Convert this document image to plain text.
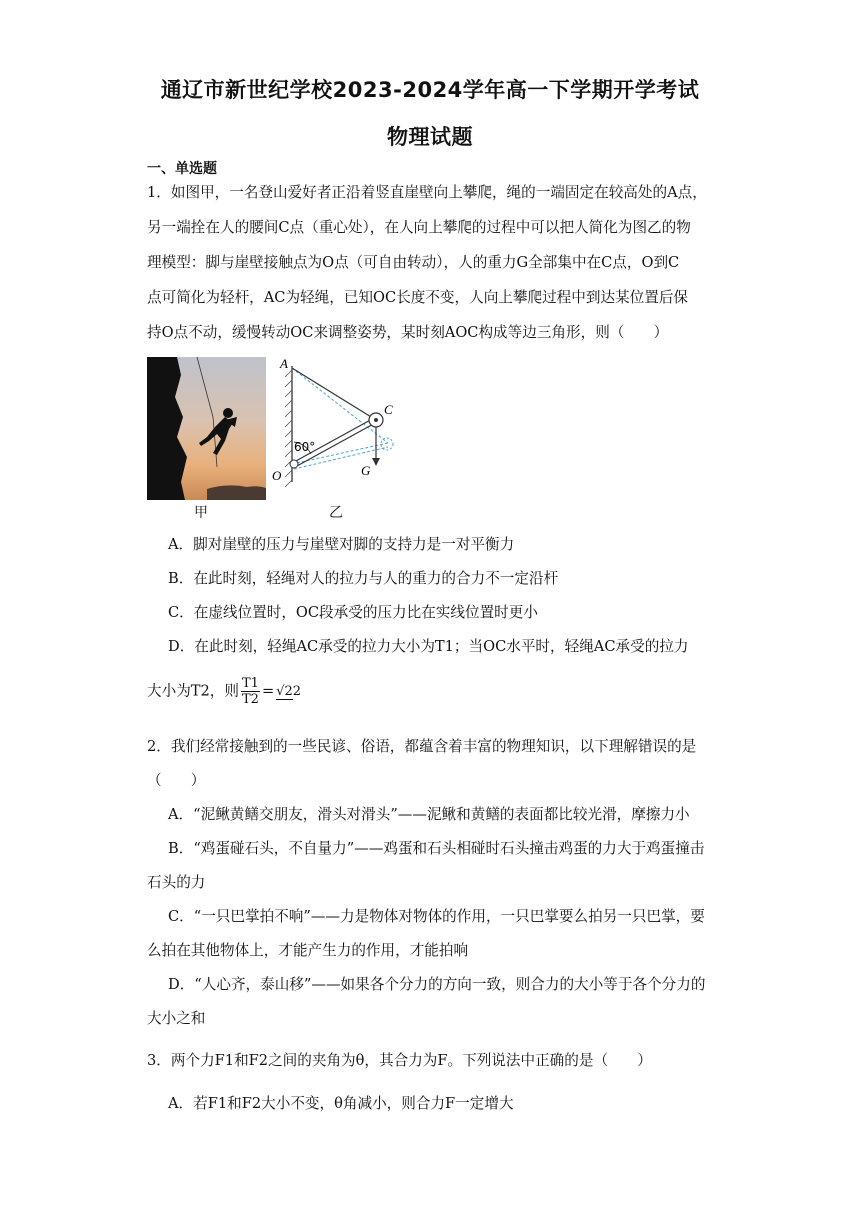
通辽市新世纪学校2023-2024学年高一下学期开学考试
物理试题
一、单选题
1．如图甲，一名登山爱好者正沿着竖直崖壁向上攀爬，绳的一端固定在较高处的A点，
另一端拴在人的腰间C点（重心处），在人向上攀爬的过程中可以把人简化为图乙的物
理模型：脚与崖壁接触点为O点（可自由转动），人的重力G全部集中在C点，O到C
点可简化为轻杆，AC为轻绳，已知OC长度不变，人向上攀爬过程中到达某位置后保
持O点不动，缓慢转动OC来调整姿势，某时刻AOC构成等边三角形，则（　　）
甲
A
C
O	G
60°
乙
A．脚对崖壁的压力与崖壁对脚的支持力是一对平衡力
B．在此时刻，轻绳对人的拉力与人的重力的合力不一定沿杆
C．在虚线位置时，OC段承受的压力比在实线位置时更小
D．在此时刻，轻绳AC承受的拉力大小为T1；当OC水平时，轻绳AC承受的拉力
大小为T2，则 $\frac{T1}{T2} = √22$
2．我们经常接触到的一些民谚、俗语，都蕴含着丰富的物理知识，以下理解错误的是
（　　）
A．“泥鳅黄鳝交朋友，滑头对滑头”——泥鳅和黄鳝的表面都比较光滑，摩擦力小
B．“鸡蛋碰石头，不自量力”——鸡蛋和石头相碰时石头撞击鸡蛋的力大于鸡蛋撞击
石头的力
C．“一只巴掌拍不响”——力是物体对物体的作用，一只巴掌要么拍另一只巴掌，要
么拍在其他物体上，才能产生力的作用，才能拍响
D．“人心齐，泰山移”——如果各个分力的方向一致，则合力的大小等于各个分力的
大小之和
3．两个力F1和F2之间的夹角为θ，其合力为F。下列说法中正确的是（　　）
A．若F1和F2大小不变，θ角减小，则合力F一定增大
